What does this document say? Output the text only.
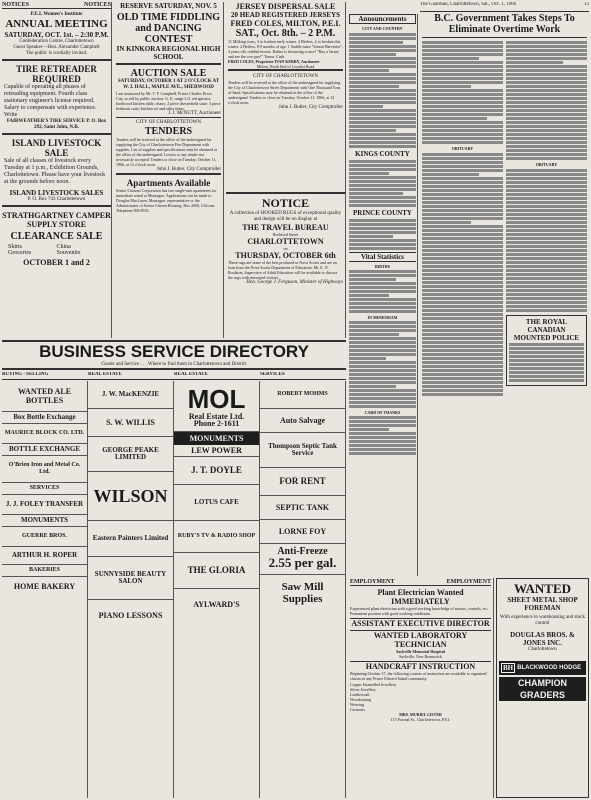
NOTICES	NOTICES
P.E.I. Women's Institute
ANNUAL MEETING
SATURDAY, OCT. 1st. – 2:30 P.M.
Confederation Centre, Charlottetown
Guest Speaker—Hon. Alexander Campbell
The public is cordially invited.
TIRE RETREADER REQUIRED
Capable of operating all phases of retreading equipment. Fourth class stationary engineer's license required. Salary to compensate with experience. Write
FAIRWEATHER'S TIRE SERVICE P. O. Box 292, Saint John, N.B.
ISLAND LIVESTOCK SALE
Sale of all classes of livestock every Tuesday at 1 p.m., Exhibition Grounds, Charlottetown. Please have your livestock at the grounds before noon.
ISLAND LIVESTOCK SALES
P. O. Box 743 Charlottetown
STRATHGARTNEY CAMPER SUPPLY STORE
CLEARANCE SALE
Skirts	China
Groceries	Souvenirs
OCTOBER 1 and 2
RESERVE SATURDAY, NOV. 5
OLD TIME FIDDLING and DANCING CONTEST
IN KINKORA REGIONAL HIGH SCHOOL
AUCTION SALE
SATURDAY, OCTOBER 1 AT 2 O'CLOCK AT W. I. HALL, MAPLE AVE., SHERWOOD
I am instructed by Mr. T. P. Campbell, Prince Charles Drive, City, to sell by public auction: G. E. range 3 ft. refrigerator; hardwood kitchen table, chairs; 2 piece chesterfield suite; 3 piece bedroom suite; kitchen set and other items.
J. J. McNUTT, Auctioneer
CITY OF CHARLOTTETOWN
TENDERS
Tenders will be received at the office of the undersigned for supplying the City of Charlottetown Fire Department with supplies. List of supplies and specifications may be obtained at the office of the undersigned. Lowest or any tender not necessarily accepted. Tenders to close on Tuesday, October 11, 1966, at 12 o'clock noon.
John J. Butler, City Comptroller
Apartments Available
Senior Citizens Corporation has two single-unit apartments for immediate rental at Montague. Applications can be made to Douglas MacLaren, Montague, representative or the Administrator of Senior Citizen Housing, Box 2000, Ch'town. Telephone 894-8531.
JERSEY DISPERSAL SALE
20 HEAD REGISTERED JERSEYS
FRED COLES, MILTON, P.E.I.
SAT., Oct. 8th. – 2 P.M.
11 Milking cows, 3 to freshen early winter. 4 Heifers, 2 to freshen this winter. 4 Heifers, 8-9 months of age. 1 Saddle mare "Simon Harvester", 4 years old, reddish brown. Rather is becoming scarce! "Buy a Jersey and see the cow pay!" Terms: Cash.
FRED COLES, Proprietor IVAN KERRY, Auctioneer
Milton, North End of Loyalist Road
CITY OF CHARLOTTETOWN
Tenders will be received at the office of the undersigned for supplying the City of Charlottetown Street Department with One Thousand Tons of Sand. Specifications may be obtained at the office of the undersigned. Tenders to close on Tuesday, October 11, 1966, at 12 o'clock noon.
John J. Butler, City Comptroller
NOTICE
A collection of HOOKED RUGS of exceptional quality and design will be on display at
THE TRAVEL BUREAU
Rochford Street
CHARLOTTETOWN
on
THURSDAY, OCTOBER 6th
These rugs are some of the best produced in Nova Scotia and are on loan from the Nova Scotia Department of Education. Mr. E. N. Roulston, Supervisor of Adult Education will be available to discuss the rugs with interested visitors.
Hon. George J. Ferguson, Minister of Highways
Announcements
CITY AND COUNTRY
KINGS COUNTY
PRINCE COUNTY
Vital Statistics
BIRTHS
IN MEMORIAM
CARD OF THANKS
The Guardian, Charlottetown, Sat., Oct. 1, 1966	13
B.C. Government Takes Steps To Eliminate Overtime Work
OBITUARY
OBITUARY
THE ROYAL CANADIAN MOUNTED POLICE
BUSINESS SERVICE DIRECTORY
Goods and Service . . . Where to find them in Charlottetown and District
BUYING - SELLING	REAL ESTATE	REAL ESTATE	SERVICES
WANTED ALE BOTTLES
Box Bottle Exchange
MAURICE BLOCK CO. LTD.
BOTTLE EXCHANGE
O'Brien Iron and Metal Co. Ltd.
SERVICES
J. J. FOLEY TRANSFER
MONUMENTS
GUERRE BROS.
ARTHUR H. ROPER
BAKERIES
HOME BAKERY
J. W. MacKENZIE
S. W. WILLIS
GEORGE PEAKE LIMITED
WILSON
Eastern Painters Limited
SUNNYSIDE BEAUTY SALON
PIANO LESSONS
MOL
Real Estate Ltd.
Phone 2-1611
MONUMENTS
LEW POWER
J. T. DOYLE
LOTUS CAFE
RUBY'S TV & RADIO SHOP
THE GLORIA
AYLWARD'S
ROBERT MOHMS
Auto Salvage
Thompson Septic Tank Service
FOR RENT
SEPTIC TANK
LORNE FOY
Anti-Freeze
2.55 per gal.
Saw Mill Supplies
EMPLOYMENT	EMPLOYMENT
Plant Electrician Wanted IMMEDIATELY
Experienced plant electrician with a good working knowledge of motors, controls, etc. Permanent position with good working conditions.
ASSISTANT EXECUTIVE DIRECTOR
WANTED LABORATORY TECHNICIAN
Sackville Memorial Hospital
Sackville, New Brunswick
HANDCRAFT INSTRUCTION
Beginning October 17, the following courses of instruction are available to organized classes in any Prince Edward Island community.
Copper Enamelled Jewellery
Silver Jewellery
Leathercraft
Woodturning
Weaving
Ceramics
MRS. MURIEL LISTER
113 Pownal St., Charlottetown, P.E.I.
WANTED
SHEET METAL SHOP FOREMAN
With experience in warehousing and stock control
DOUGLAS BROS. & JONES INC.
Charlottetown
BH BLACKWOOD HODGE
CHAMPION GRADERS
